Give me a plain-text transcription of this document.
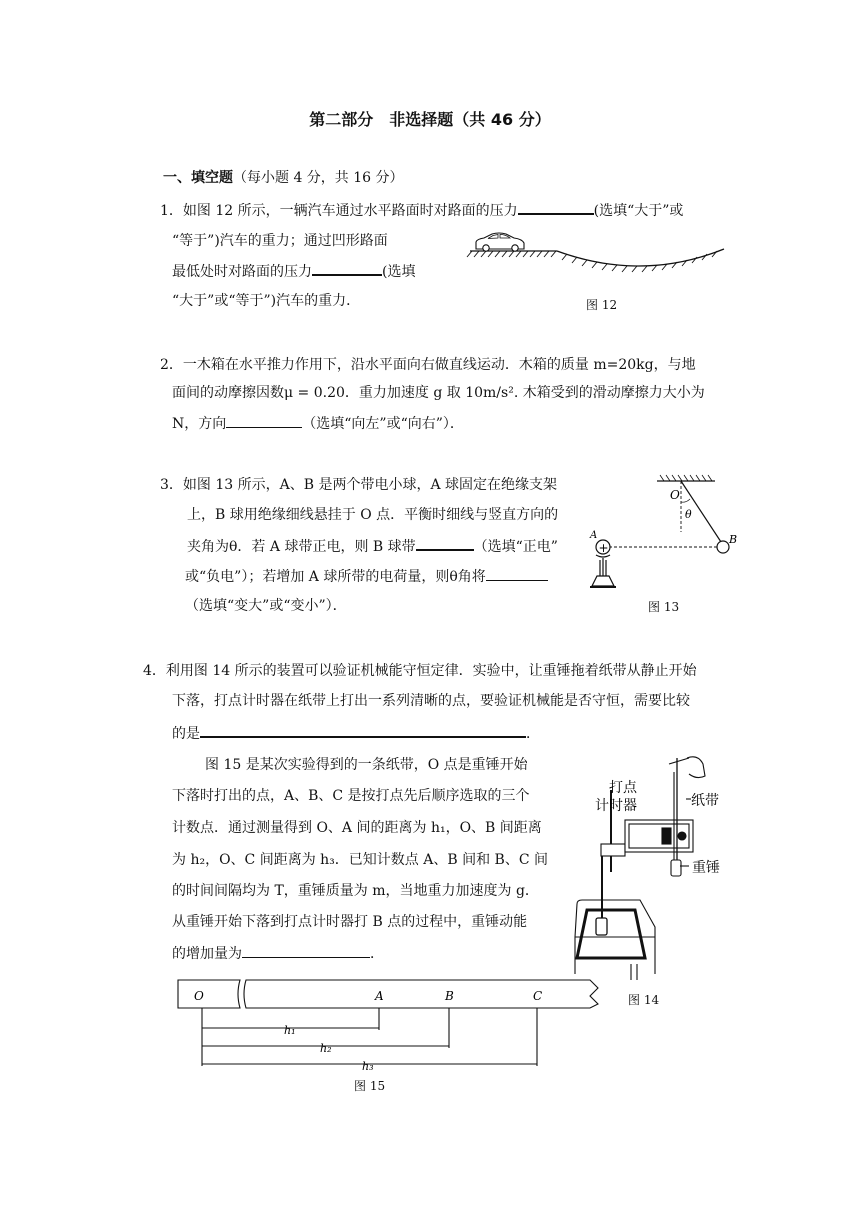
第二部分　非选择题（共 46 分）
一、填空题（每小题 4 分，共 16 分）
1．如图 12 所示，一辆汽车通过水平路面时对路面的压力	(选填“大于”或
“等于”)汽车的重力；通过凹形路面
最低处时对路面的压力	(选填
“大于”或“等于”)汽车的重力．	图 12
2．一木箱在水平推力作用下，沿水平面向右做直线运动．木箱的质量 m=20kg，与地
面间的动摩擦因数μ = 0.20．重力加速度 g 取 10m/s². 木箱受到的滑动摩擦力大小为
N，方向	（选填“向左”或“向右”）．
3．如图 13 所示，A、B 是两个带电小球，A 球固定在绝缘支架
上，B 球用绝缘细线悬挂于 O 点．平衡时细线与竖直方向的
夹角为θ．若 A 球带正电，则 B 球带	（选填“正电”
或“负电”）；若增加 A 球所带的电荷量，则θ角将
（选填“变大”或“变小”）．
O
θ
B
+
A
图 13
4．利用图 14 所示的装置可以验证机械能守恒定律．实验中，让重锤拖着纸带从静止开始
下落，打点计时器在纸带上打出一系列清晰的点，要验证机械能是否守恒，需要比较
的是	．
图 15 是某次实验得到的一条纸带，O 点是重锤开始
下落时打出的点，A、B、C 是按打点先后顺序选取的三个
计数点．通过测量得到 O、A 间的距离为 h₁，O、B 间距离
为 h₂，O、C 间距离为 h₃．已知计数点 A、B 间和 B、C 间
的时间间隔均为 T，重锤质量为 m，当地重力加速度为 g．
从重锤开始下落到打点计时器打 B 点的过程中，重锤动能
的增加量为	．
打点
计时器	纸带
重锤
图 14
O	A	B	C
h₁
h₂
h₃
图 15
